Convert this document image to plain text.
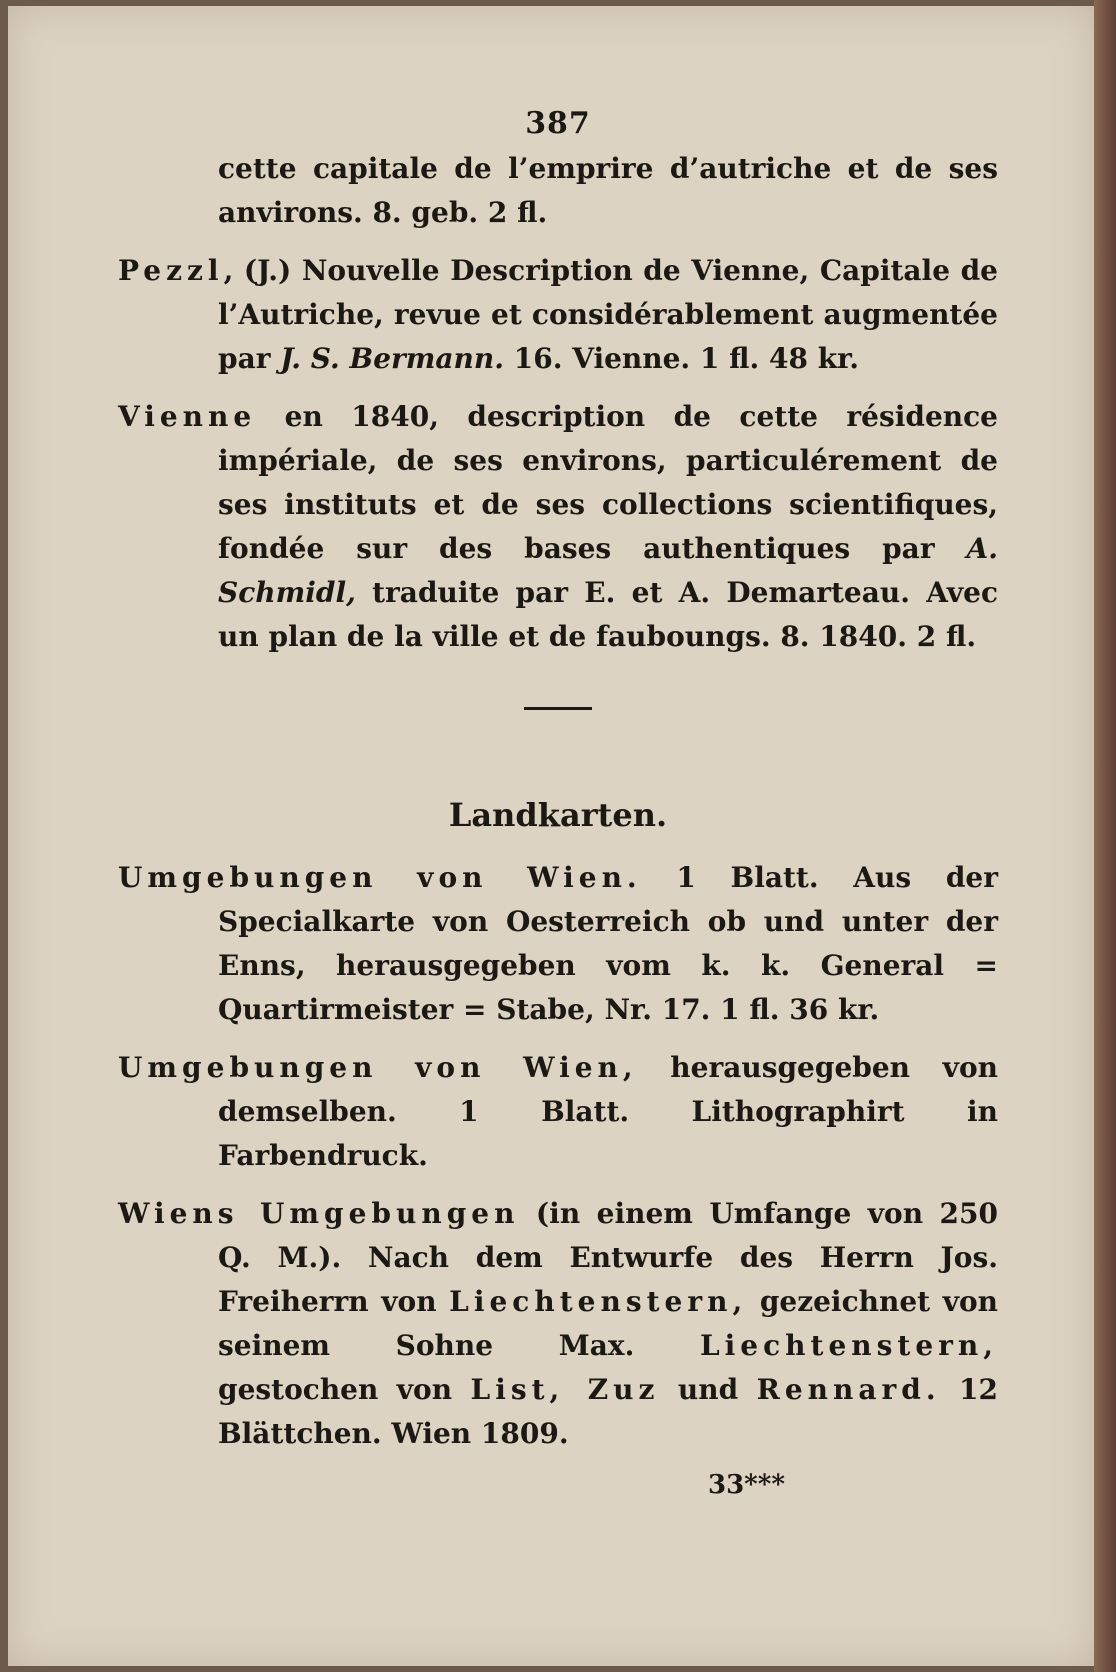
387

cette capitale de l’emprire d’autriche et de ses anvirons. 8. geb. 2 fl.

Pezzl, (J.) Nouvelle Description de Vienne, Capitale de l’Autriche, revue et considérablement augmentée par J. S. Bermann. 16. Vienne. 1 fl. 48 kr.

Vienne en 1840, description de cette résidence impériale, de ses environs, particulérement de ses instituts et de ses collections scientifiques, fondée sur des bases authentiques par A. Schmidl, traduite par E. et A. Demarteau. Avec un plan de la ville et de fauboungs. 8. 1840. 2 fl.

Landkarten.

Umgebungen von Wien. 1 Blatt. Aus der Specialkarte von Oesterreich ob und unter der Enns, herausgegeben vom k. k. General = Quartirmeister = Stabe, Nr. 17. 1 fl. 36 kr.

Umgebungen von Wien, herausgegeben von demselben. 1 Blatt. Lithographirt in Farbendruck.

Wiens Umgebungen (in einem Umfange von 250 Q. M.). Nach dem Entwurfe des Herrn Jos. Freiherrn von Liechtenstern, gezeichnet von seinem Sohne Max. Liechtenstern, gestochen von List, Zuz und Rennard. 12 Blättchen. Wien 1809.

33***
